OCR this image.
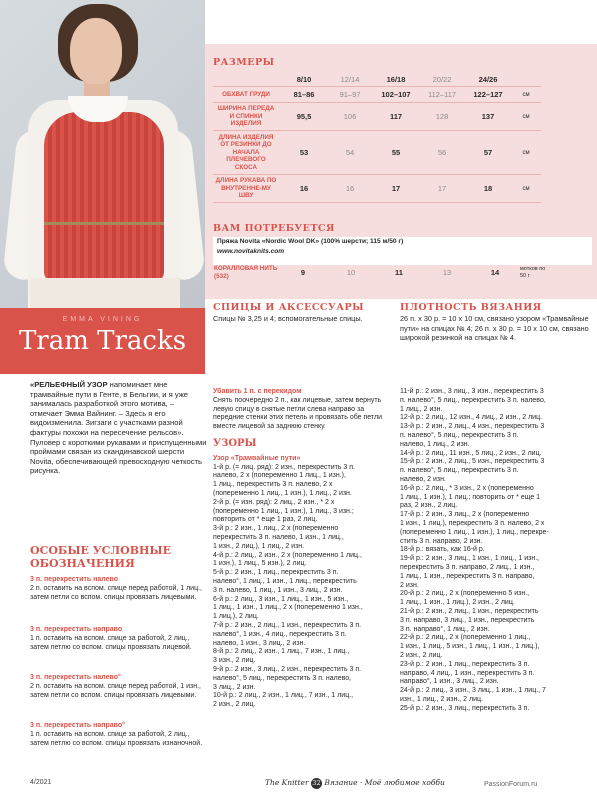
EMMA VINING
Tram Tracks
РАЗМЕРЫ
	8/10	12/14	16/18	20/22	24/26	
ОБХВАТ ГРУДИ	81–86	91–97	102–107	112–117	122–127	см
ШИРИНА ПЕРЕДА И СПИНКИ ИЗДЕЛИЯ	95,5	106	117	128	137	см
ДЛИНА ИЗДЕЛИЯ ОТ РЕЗИНКИ ДО НАЧАЛА ПЛЕЧЕВОГО СКОСА	53	54	55	56	57	см
ДЛИНА РУКАВА ПО ВНУТРЕННЕ-МУ ШВУ	16	16	17	17	18	см
ВАМ ПОТРЕБУЕТСЯ
Пряжа Novita «Nordic Wool DK» (100% шерсти; 115 м/50 г)
www.novitaknits.com
КОРАЛЛОВАЯ НИТЬ (532)	9	10	11	13	14	мотков по 50 г
СПИЦЫ И АКСЕССУАРЫ
Спицы № 3,25 и 4; вспомогательные спицы.
ПЛОТНОСТЬ ВЯЗАНИЯ
26 п. х 30 р. = 10 х 10 см, связано узором «Трамвайные пути» на спицах № 4; 26 п. х 30 р. = 10 х 10 см, связано широкой резинкой на спицах № 4.
«РЕЛЬЕФНЫЙ УЗОР напоминает мне трамвайные пути в Генте, в Бельгии, и я уже занималась разработкой этого мотива, – отмечает Эмма Вайнинг. – Здесь я его видоизменила. Зигзаги с участками разной фактуры похожи на пересечение рельсов». Пуловер с короткими рукавами и приспущенными проймами связан из скандинавской шерсти Novita, обеспечивающей превосходную четкость рисунка.
ОСОБЫЕ УСЛОВНЫЕ ОБОЗНАЧЕНИЯ
3 п. перекрестить налево
2 п. оставить на вспом. спице перед работой, 1 лиц., затем петли со вспом. спицы провязать лицевыми.
3 п. перекрестить направо
1 п. оставить на вспом. спице за работой, 2 лиц., затем петлю со вспом. спицы провязать лицевой.
3 п. перекрестить налево°
2 п. оставить на вспом. спице перед работой, 1 изн., затем петли со вспом. спицы провязать лицевыми.
3 п. перекрестить направо°
1 п. оставить на вспом. спице за работой, 2 лиц., затем петлю со вспом. спицы провязать изнаночной.
Убавить 1 п. с перекидом
Снять поочередно 2 п., как лицевые, затем вернуть левую спицу в снятые петли слева направо за передние стенки этих петель и провязать обе петли вместе лицевой за заднюю стенку.
УЗОРЫ
Узор «Трамвайные пути»
1-й р. (= лиц. ряд): 2 изн., перекрестить 3 п.
налево, 2 х (попеременно 1 лиц., 1 изн.),
1 лиц., перекрестить 3 п. налево, 2 х
(попеременно 1 лиц., 1 изн.), 1 лиц., 2 изн.
2-й р. (= изн. ряд): 2 лиц., 2 изн., * 2 х
(попеременно 1 лиц., 1 изн.), 1 лиц., 3 изн.;
повторить от * еще 1 раз, 2 лиц.
3-й р.: 2 изн., 1 лиц., 2 х (попеременно
перекрестить 3 п. налево, 1 изн., 1 лиц.,
1 изн., 2 лиц.), 1 лиц., 2 изн.
4-й р.: 2 лиц., 2 изн., 2 х (попеременно 1 лиц.,
1 изн.), 1 лиц., 5 изн.), 2 лиц.
5-й р.: 2 изн., 1 лиц., перекрестить 3 п.
налево°, 1 лиц., 1 изн., 1 лиц., перекрестить
3 п. налево, 1 лиц., 1 изн., 3 лиц., 2 изн.
6-й р.: 2 лиц., 3 изн., 1 лиц., 1 изн., 5 изн.,
1 лиц., 1 изн., 1 лиц., 2 х (попеременно 1 изн.,
1 лиц.), 2 лиц.
7-й р.: 2 изн., 2 лиц., 1 изн., перекрестить 3 п.
налево°, 1 изн., 4 лиц., перекрестить 3 п.
налево, 1 изн., 3 лиц., 2 изн.
8-й р.: 2 лиц., 2 изн., 1 лиц., 7 изн., 1 лиц.,
3 изн., 2 лиц.
9-й р.: 2 изн., 3 лиц., 2 изн., перекрестить 3 п.
налево°, 5 лиц., перекрестить 3 п. налево,
3 лиц., 2 изн.
10-й р.: 2 лиц., 2 изн., 1 лиц., 7 изн., 1 лиц.,
2 изн., 2 лиц.
11-й р.: 2 изн., 3 лиц., 3 изн., перекрестить 3
п. налево°, 5 лиц., перекрестить 3 п. налево,
1 лиц., 2 изн.
12-й р.: 2 лиц., 12 изн., 4 лиц., 2 изн., 2 лиц.
13-й р.: 2 изн., 2 лиц., 4 изн., перекрестить 3
п. налево°, 5 лиц., перекрестить 3 п.
налево, 1 лиц., 2 изн.
14-й р.: 2 лиц., 11 изн., 5 лиц., 2 изн., 2 лиц.
15-й р.: 2 изн., 2 лиц., 5 изн., перекрестить 3
п. налево°, 5 лиц., перекрестить 3 п.
налево, 2 изн.
16-й р.: 2 лиц., * 3 изн., 2 х (попеременно
1 лиц., 1 изн.), 1 лиц.; повторить от * еще 1
раз, 2 изн., 2 лиц.
17-й р.: 2 изн., 3 лиц., 2 х (попеременно
1 изн., 1 лиц.), перекрестить 3 п. налево, 2 х
(попеременно 1 лиц., 1 изн.), 1 лиц., перекре-
стить 3 п. направо, 2 изн.
18-й р.: вязать, как 16-й р.
19-й р.: 2 изн., 3 лиц., 1 изн., 1 лиц., 1 изн.,
перекрестить 3 п. направо, 2 лиц., 1 изн.,
1 лиц., 1 изн., перекрестить 3 п. направо,
2 изн.
20-й р.: 2 лиц., 2 х (попеременно 5 изн.,
1 лиц., 1 изн., 1 лиц.), 2 изн., 2 лиц.
21-й р.: 2 изн., 2 лиц., 1 изн., перекрестить
3 п. направо, 3 лиц., 1 изн., перекрестить
3 п. направо°, 1 лиц., 2 изн.
22-й р.: 2 лиц., 2 х (попеременно 1 лиц.,
1 изн., 1 лиц., 5 изн., 1 лиц., 1 изн., 1 лиц.),
2 изн., 2 лиц.
23-й р.: 2 изн., 1 лиц., перекрестить 3 п.
направо, 4 лиц., 1 изн., перекрестить 3 п.
направо°, 1 изн., 3 лиц., 2 изн.
24-й р.: 2 лиц., 3 изн., 3 лиц., 1 изн., 1 лиц., 7
изн., 1 лиц., 2 изн., 2 лиц.
25-й р.: 2 изн., 3 лиц., перекрестить 3 п.
4/2021	The Knitter 32 Вязание · Моё любимое хобби	PassionForum.ru
